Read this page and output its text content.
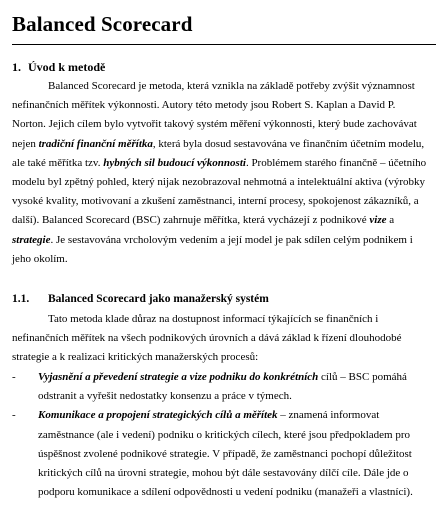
Balanced Scorecard
1. Úvod k metodě
Balanced Scorecard je metoda, která vznikla na základě potřeby zvýšit významnost
nefinančních měřítek výkonnosti. Autory této metody jsou Robert S. Kaplan a David P.
Norton. Jejich cílem bylo vytvořit takový systém měření výkonnosti, který bude zachovávat
nejen tradiční finanční měřítka, která byla dosud sestavována ve finančním účetním modelu,
ale také měřítka tzv. hybných sil budoucí výkonnosti. Problémem starého finančně – účetního
modelu byl zpětný pohled, který nijak nezobrazoval nehmotná a intelektuální aktiva (výrobky
vysoké kvality, motivovaní a zkušení zaměstnanci, interní procesy, spokojenost zákazníků, a
další). Balanced Scorecard (BSC) zahrnuje měřítka, která vycházejí z podnikové vize a
strategie. Je sestavována vrcholovým vedením a její model je pak sdílen celým podnikem i
jeho okolím.
1.1. Balanced Scorecard jako manažerský systém
Tato metoda klade důraz na dostupnost informací týkajících se finančních i
nefinančních měřítek na všech podnikových úrovních a dává základ k řízení dlouhodobé
strategie a k realizaci kritických manažerských procesů:
- Vyjasnění a převedení strategie a vize podniku do konkrétních cílů – BSC pomáhá
odstranit a vyřešit nedostatky konsenzu a práce v týmech.
- Komunikace a propojení strategických cílů a měřítek – znamená informovat
zaměstnance (ale i vedení) podniku o kritických cílech, které jsou předpokladem pro
úspěšnost zvolené podnikové strategie. V případě, že zaměstnanci pochopí důležitost
kritických cílů na úrovni strategie, mohou být dále sestavovány dílčí cíle. Dále jde o
podporu komunikace a sdílení odpovědnosti u vedení podniku (manažeři a vlastníci).
